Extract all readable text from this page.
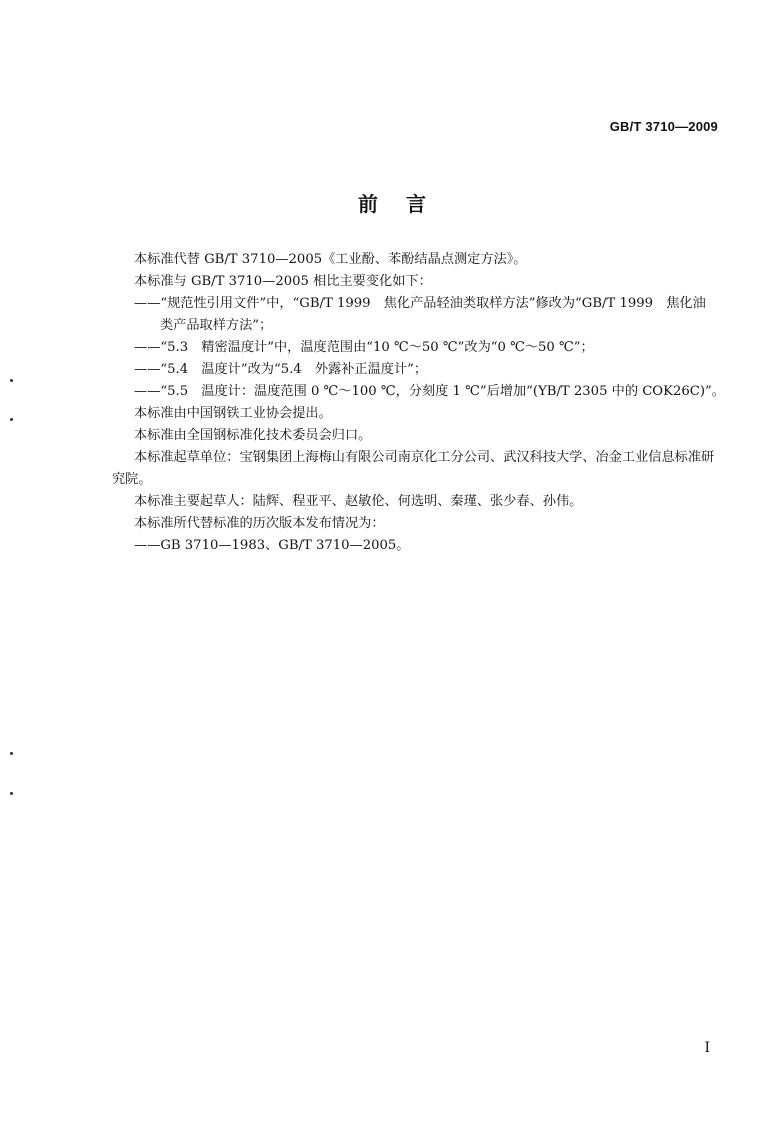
GB/T 3710—2009
前 言
本标准代替 GB/T 3710—2005《工业酚、苯酚结晶点测定方法》。
本标准与 GB/T 3710—2005 相比主要变化如下：
——“规范性引用文件”中，“GB/T 1999　焦化产品轻油类取样方法”修改为“GB/T 1999　焦化油
类产品取样方法”；
——“5.3　精密温度计”中，温度范围由“10 ℃～50 ℃”改为“0 ℃～50 ℃”；
——“5.4　温度计”改为“5.4　外露补正温度计”；
——“5.5　温度计：温度范围 0 ℃～100 ℃，分刻度 1 ℃”后增加“(YB/T 2305 中的 COK26C)”。
本标准由中国钢铁工业协会提出。
本标准由全国钢标准化技术委员会归口。
本标准起草单位：宝钢集团上海梅山有限公司南京化工分公司、武汉科技大学、冶金工业信息标准研究院。
本标准主要起草人：陆辉、程亚平、赵敏伦、何选明、秦瑾、张少春、孙伟。
本标准所代替标准的历次版本发布情况为：
——GB 3710—1983、GB/T 3710—2005。
I
